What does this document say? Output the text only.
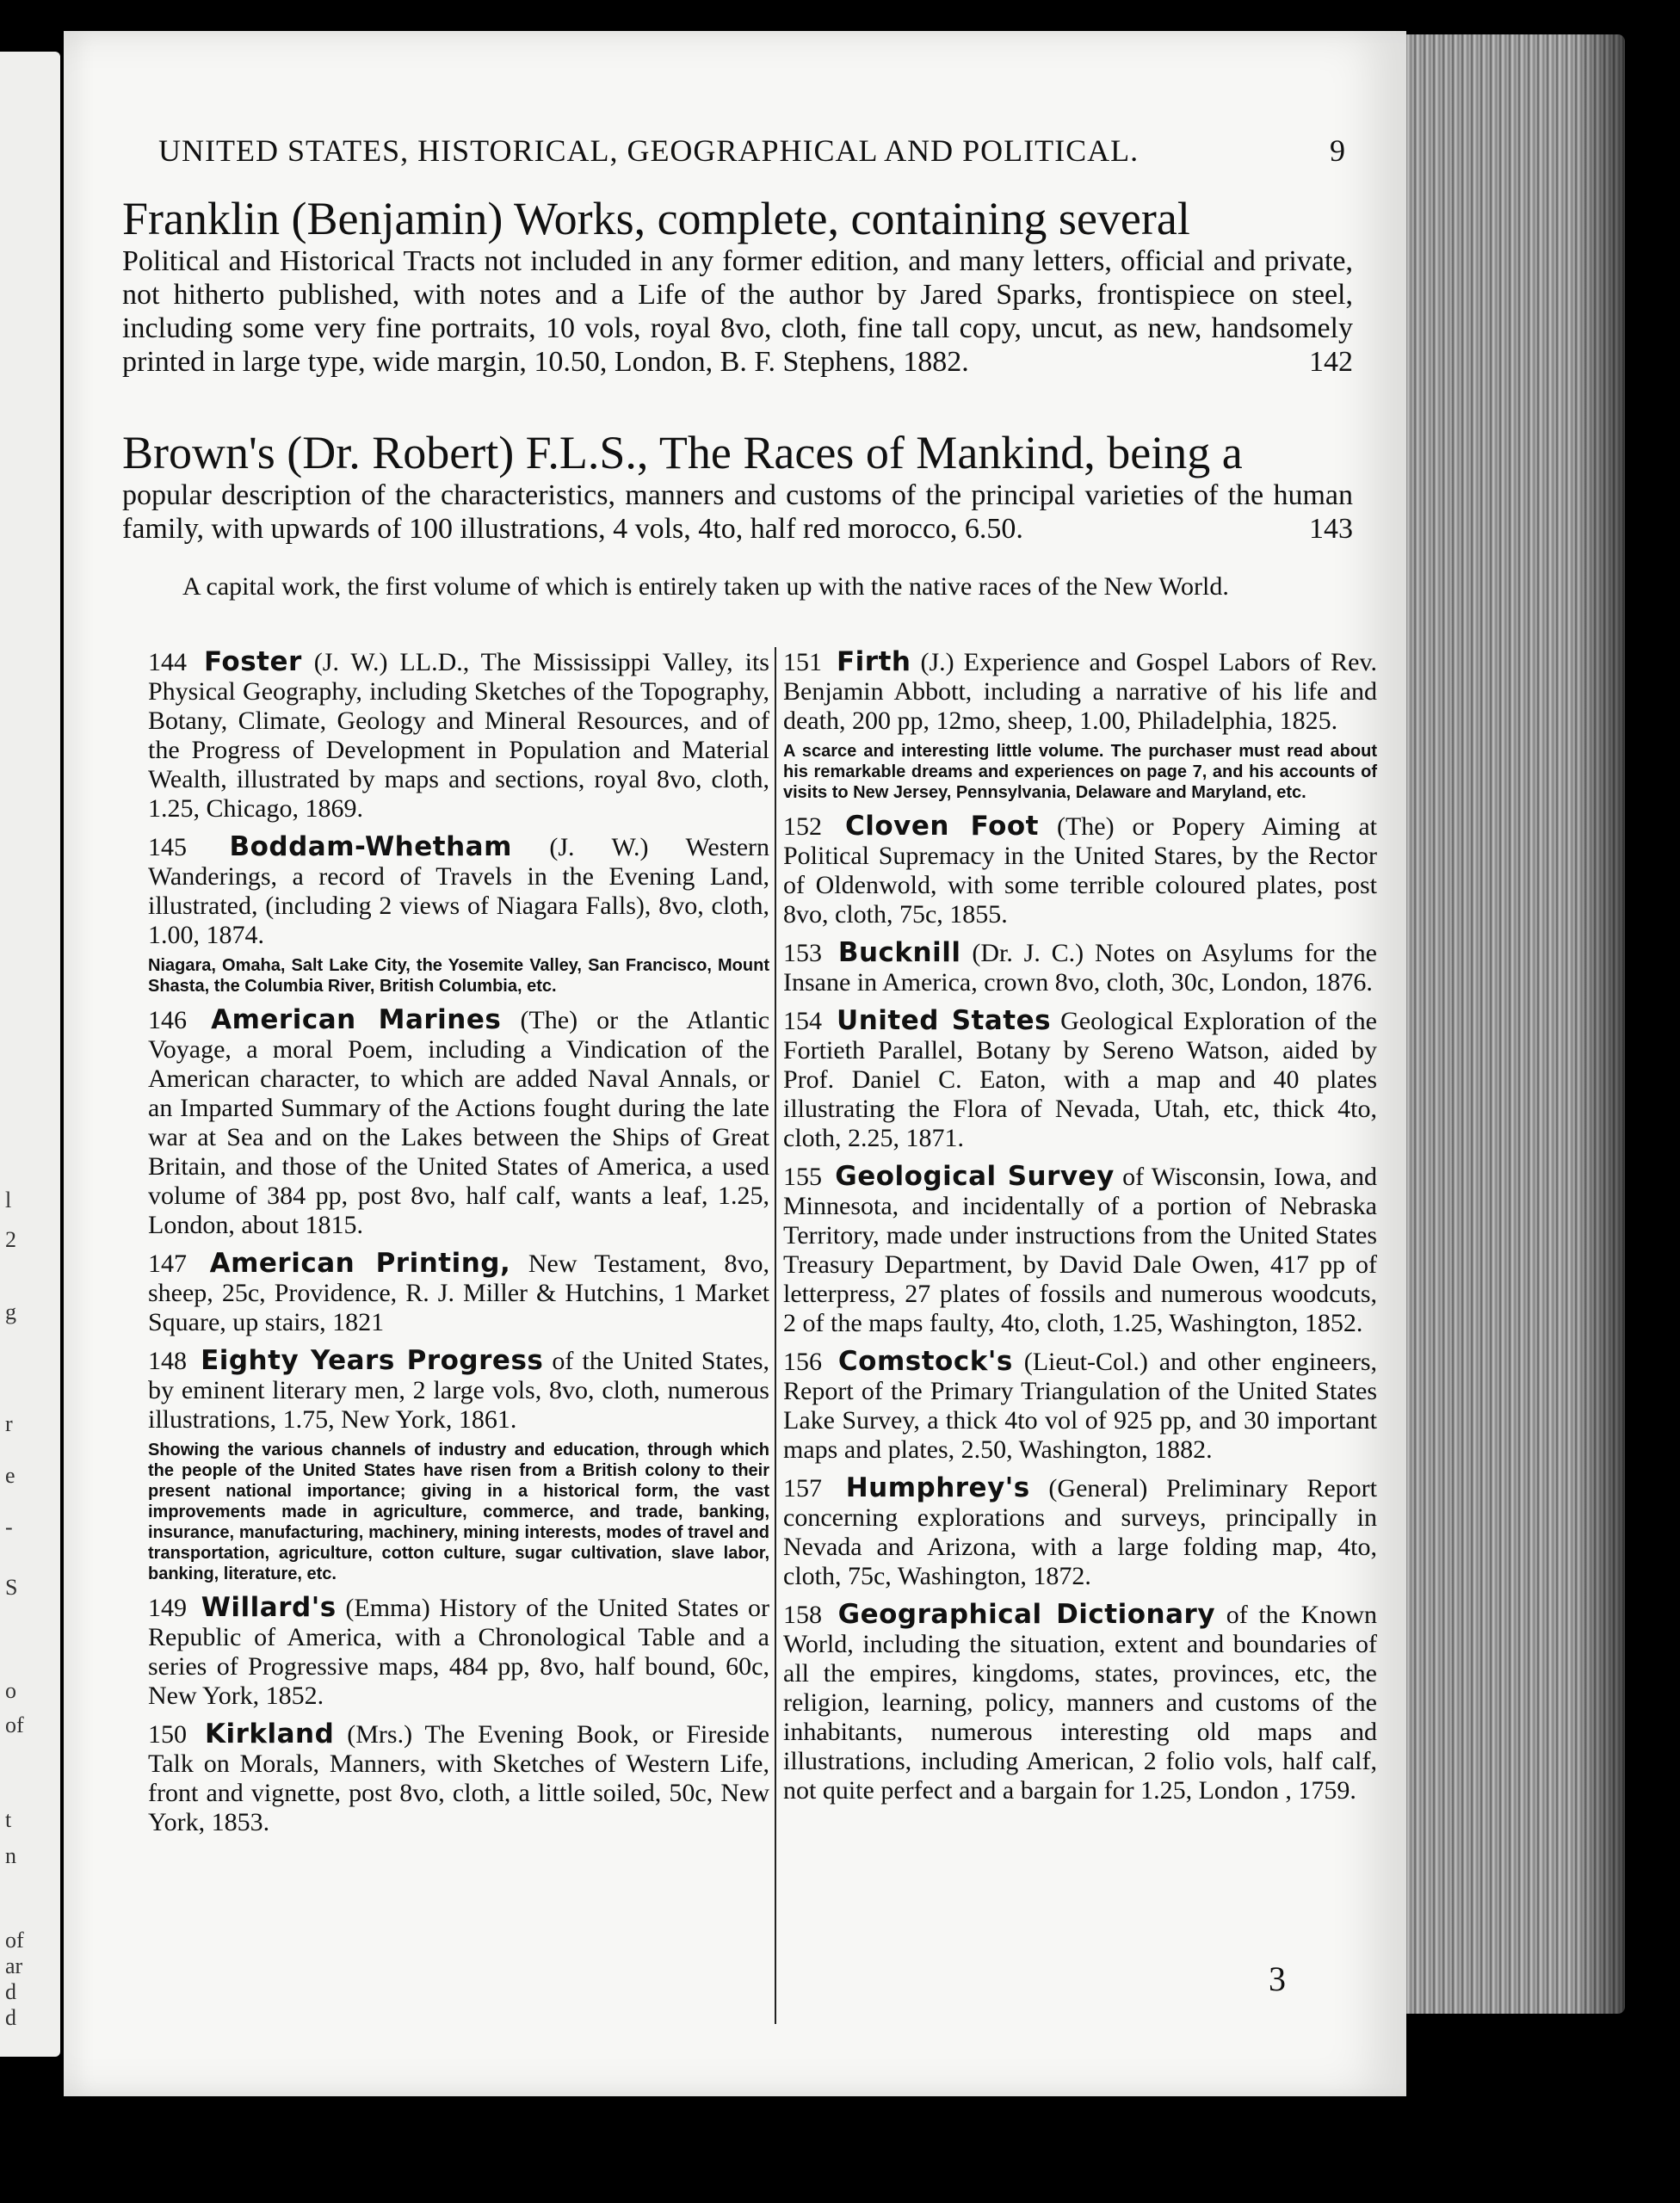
l
2
g
r
e
-
S
o
of
t
n
of
ar
d
d
UNITED STATES, HISTORICAL, GEOGRAPHICAL AND POLITICAL.	9
Franklin (Benjamin) Works, complete, containing several
Political and Historical Tracts not included in any former edition, and many letters, official and private, not hitherto published, with notes and a Life of the author by Jared Sparks, frontispiece on steel, including some very fine portraits, 10 vols, royal 8vo, cloth, fine tall copy, uncut, as new, handsomely printed in large type, wide margin, 10.50, London, B. F. Stephens, 1882.	142
Brown's (Dr. Robert) F.L.S., The Races of Mankind, being a
popular description of the characteristics, manners and customs of the principal varieties of the human family, with upwards of 100 illustrations, 4 vols, 4to, half red morocco, 6.50.	143
A capital work, the first volume of which is entirely taken up with the native races of the New World.
144 Foster (J. W.) LL.D., The Mississippi Valley, its Physical Geography, including Sketches of the Topography, Botany, Climate, Geology and Mineral Resources, and of the Progress of Development in Population and Material Wealth, illustrated by maps and sections, royal 8vo, cloth, 1.25, Chicago, 1869.
145 Boddam-Whetham (J. W.) Western Wanderings, a record of Travels in the Evening Land, illustrated, (including 2 views of Niagara Falls), 8vo, cloth, 1.00, 1874.
Niagara, Omaha, Salt Lake City, the Yosemite Valley, San Francisco, Mount Shasta, the Columbia River, British Columbia, etc.
146 American Marines (The) or the Atlantic Voyage, a moral Poem, including a Vindication of the American character, to which are added Naval Annals, or an Imparted Summary of the Actions fought during the late war at Sea and on the Lakes between the Ships of Great Britain, and those of the United States of America, a used volume of 384 pp, post 8vo, half calf, wants a leaf, 1.25, London, about 1815.
147 American Printing, New Testament, 8vo, sheep, 25c, Providence, R. J. Miller & Hutchins, 1 Market Square, up stairs, 1821
148 Eighty Years Progress of the United States, by eminent literary men, 2 large vols, 8vo, cloth, numerous illustrations, 1.75, New York, 1861.
Showing the various channels of industry and education, through which the people of the United States have risen from a British colony to their present national importance; giving in a historical form, the vast improvements made in agriculture, commerce, and trade, banking, insurance, manufacturing, machinery, mining interests, modes of travel and transportation, agriculture, cotton culture, sugar cultivation, slave labor, banking, literature, etc.
149 Willard's (Emma) History of the United States or Republic of America, with a Chronological Table and a series of Progressive maps, 484 pp, 8vo, half bound, 60c, New York, 1852.
150 Kirkland (Mrs.) The Evening Book, or Fireside Talk on Morals, Manners, with Sketches of Western Life, front and vignette, post 8vo, cloth, a little soiled, 50c, New York, 1853.
151 Firth (J.) Experience and Gospel Labors of Rev. Benjamin Abbott, including a narrative of his life and death, 200 pp, 12mo, sheep, 1.00, Philadelphia, 1825.
A scarce and interesting little volume. The purchaser must read about his remarkable dreams and experiences on page 7, and his accounts of visits to New Jersey, Pennsylvania, Delaware and Maryland, etc.
152 Cloven Foot (The) or Popery Aiming at Political Supremacy in the United Stares, by the Rector of Oldenwold, with some terrible coloured plates, post 8vo, cloth, 75c, 1855.
153 Bucknill (Dr. J. C.) Notes on Asylums for the Insane in America, crown 8vo, cloth, 30c, London, 1876.
154 United States Geological Exploration of the Fortieth Parallel, Botany by Sereno Watson, aided by Prof. Daniel C. Eaton, with a map and 40 plates illustrating the Flora of Nevada, Utah, etc, thick 4to, cloth, 2.25, 1871.
155 Geological Survey of Wisconsin, Iowa, and Minnesota, and incidentally of a portion of Nebraska Territory, made under instructions from the United States Treasury Department, by David Dale Owen, 417 pp of letterpress, 27 plates of fossils and numerous woodcuts, 2 of the maps faulty, 4to, cloth, 1.25, Washington, 1852.
156 Comstock's (Lieut-Col.) and other engineers, Report of the Primary Triangulation of the United States Lake Survey, a thick 4to vol of 925 pp, and 30 important maps and plates, 2.50, Washington, 1882.
157 Humphrey's (General) Preliminary Report concerning explorations and surveys, principally in Nevada and Arizona, with a large folding map, 4to, cloth, 75c, Washington, 1872.
158 Geographical Dictionary of the Known World, including the situation, extent and boundaries of all the empires, kingdoms, states, provinces, etc, the religion, learning, policy, manners and customs of the inhabitants, numerous interesting old maps and illustrations, including American, 2 folio vols, half calf, not quite perfect and a bargain for 1.25, London , 1759.
3
